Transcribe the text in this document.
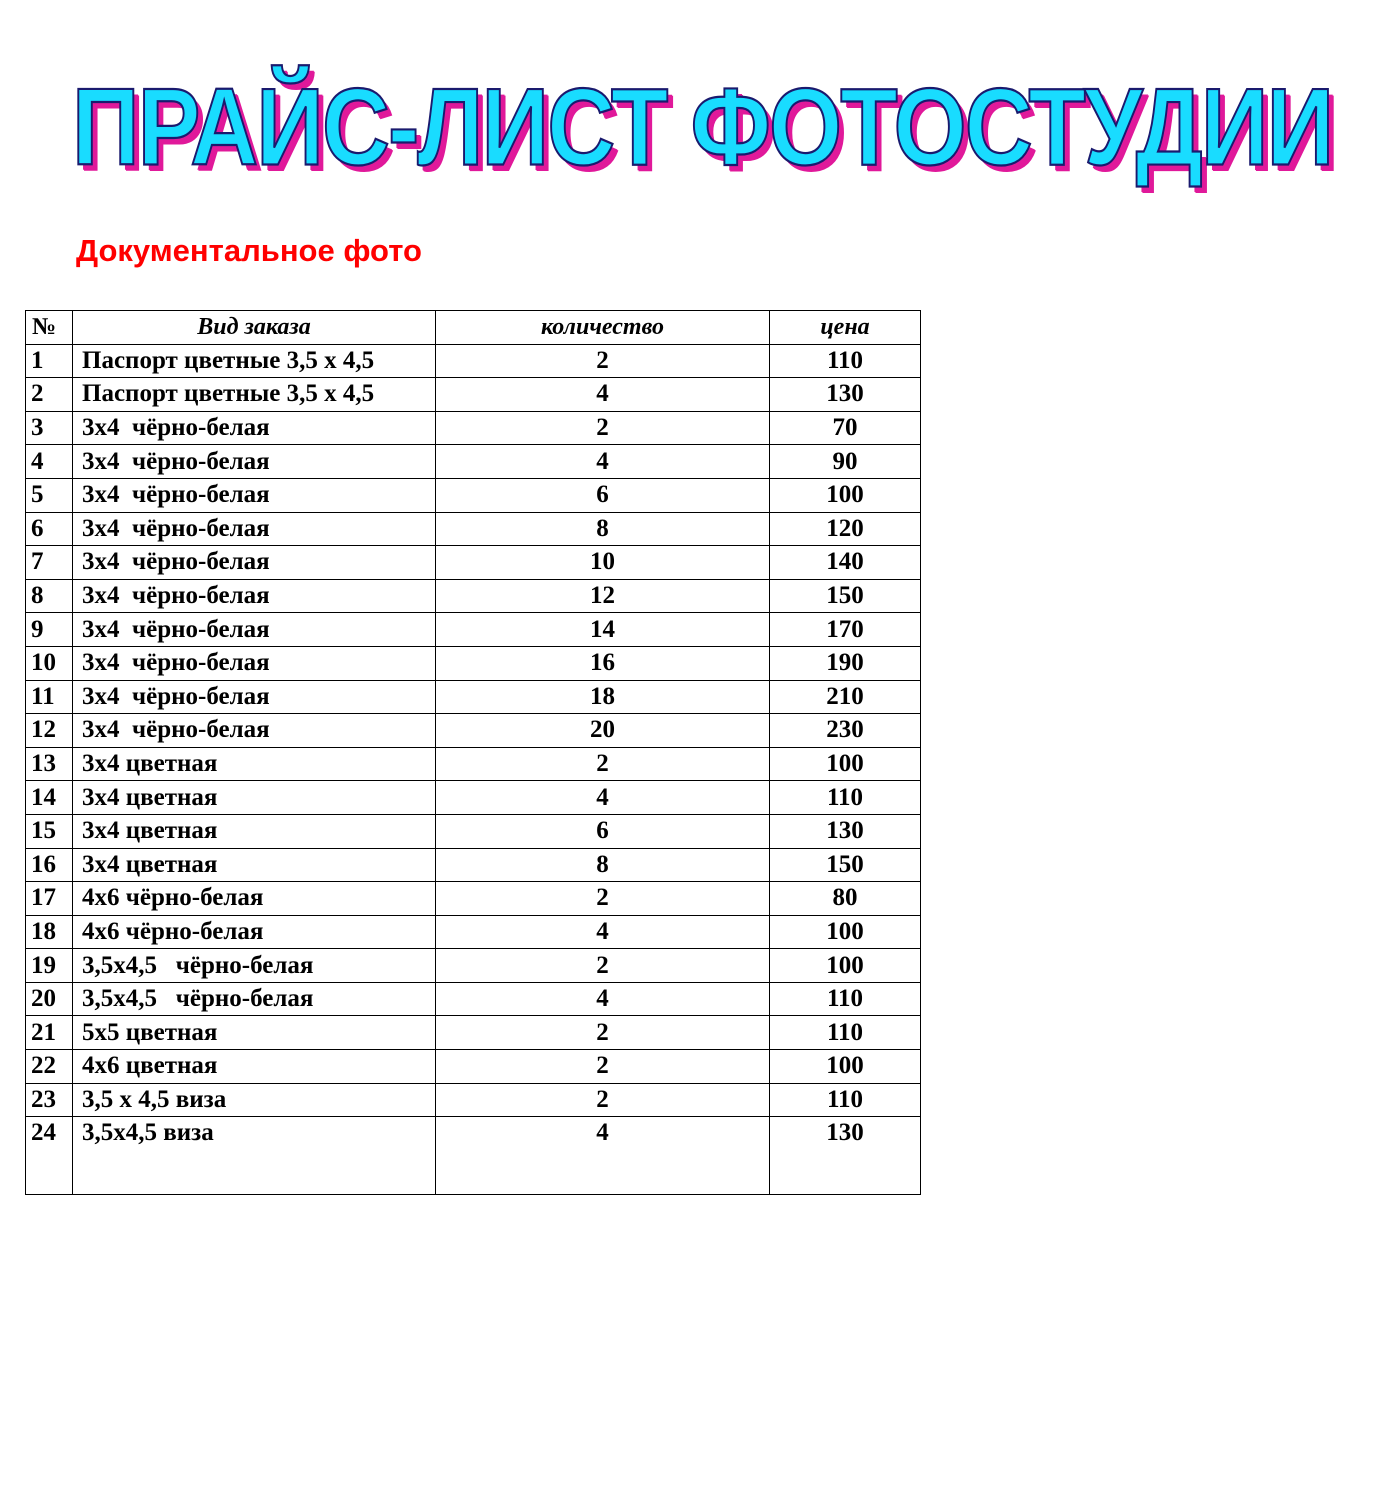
ПРАЙС-ЛИСТ ФОТОСТУДИИ
Документальное фото
№	Вид заказа	количество	цена
1	Паспорт цветные 3,5 х 4,5	2	110
2	Паспорт цветные 3,5 х 4,5	4	130
3	3х4  чёрно-белая	2	70
4	3х4  чёрно-белая	4	90
5	3х4  чёрно-белая	6	100
6	3х4  чёрно-белая	8	120
7	3х4  чёрно-белая	10	140
8	3х4  чёрно-белая	12	150
9	3х4  чёрно-белая	14	170
10	3х4  чёрно-белая	16	190
11	3х4  чёрно-белая	18	210
12	3х4  чёрно-белая	20	230
13	3х4 цветная	2	100
14	3х4 цветная	4	110
15	3х4 цветная	6	130
16	3х4 цветная	8	150
17	4х6 чёрно-белая	2	80
18	4х6 чёрно-белая	4	100
19	3,5х4,5   чёрно-белая	2	100
20	3,5х4,5   чёрно-белая	4	110
21	5х5 цветная	2	110
22	4х6 цветная	2	100
23	3,5 х 4,5 виза	2	110
24	3,5х4,5 виза	4	130
